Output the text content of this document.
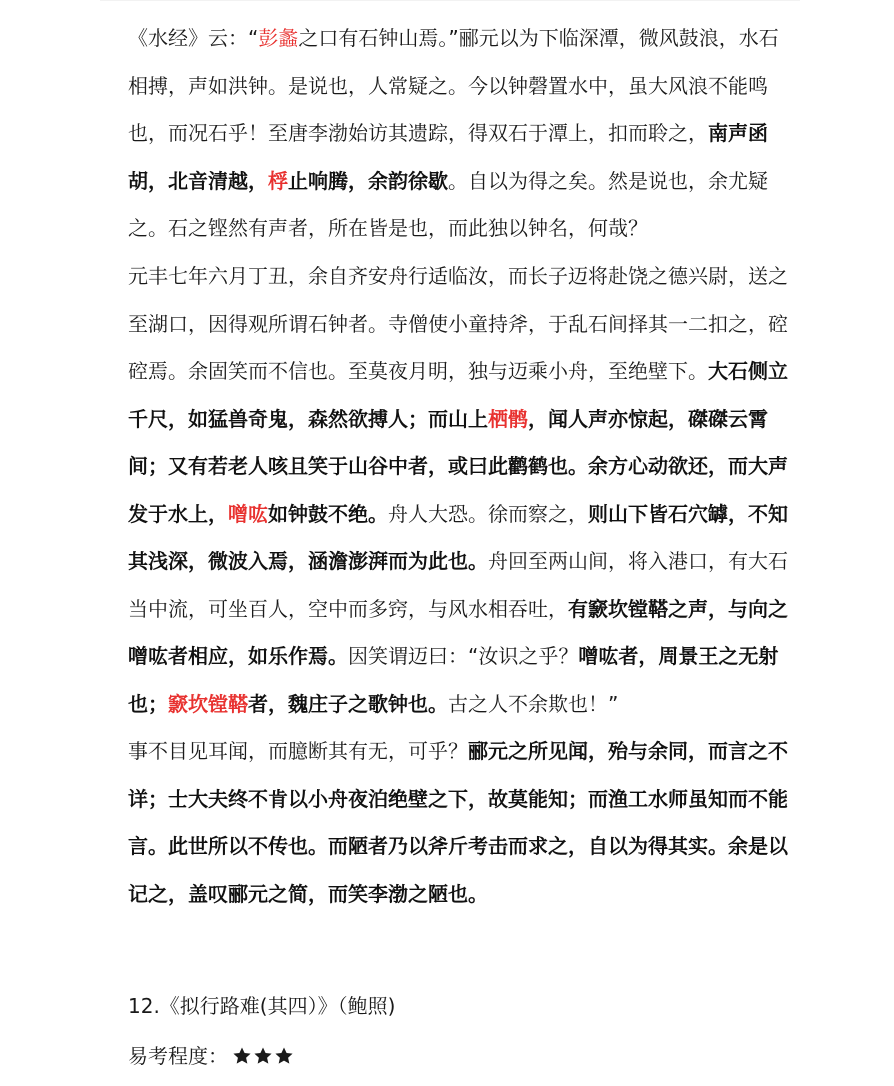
《水经》云：“彭蠡之口有石钟山焉。”郦元以为下临深潭，微风鼓浪，水石相搏，声如洪钟。是说也，人常疑之。今以钟磬置水中，虽大风浪不能鸣也，而况石乎！至唐李渤始访其遗踪，得双石于潭上，扣而聆之，南声函胡，北音清越，桴止响腾，余韵徐歇。自以为得之矣。然是说也，余尤疑之。石之铿然有声者，所在皆是也，而此独以钟名，何哉？

元丰七年六月丁丑，余自齐安舟行适临汝，而长子迈将赴饶之德兴尉，送之至湖口，因得观所谓石钟者。寺僧使小童持斧，于乱石间择其一二扣之，硿硿焉。余固笑而不信也。至莫夜月明，独与迈乘小舟，至绝壁下。大石侧立千尺，如猛兽奇鬼，森然欲搏人；而山上栖鹘，闻人声亦惊起，磔磔云霄间；又有若老人咳且笑于山谷中者，或曰此鹳鹤也。余方心动欲还，而大声发于水上，噌吰如钟鼓不绝。舟人大恐。徐而察之，则山下皆石穴罅，不知其浅深，微波入焉，涵澹澎湃而为此也。舟回至两山间，将入港口，有大石当中流，可坐百人，空中而多窍，与风水相吞吐，有窾坎镗鞳之声，与向之噌吰者相应，如乐作焉。因笑谓迈曰：“汝识之乎？噌吰者，周景王之无射也；窾坎镗鞳者，魏庄子之歌钟也。古之人不余欺也！”

事不目见耳闻，而臆断其有无，可乎？郦元之所见闻，殆与余同，而言之不详；士大夫终不肯以小舟夜泊绝壁之下，故莫能知；而渔工水师虽知而不能言。此世所以不传也。而陋者乃以斧斤考击而求之，自以为得其实。余是以记之，盖叹郦元之简，而笑李渤之陋也。

12.《拟行路难(其四）》（鲍照)
易考程度：
